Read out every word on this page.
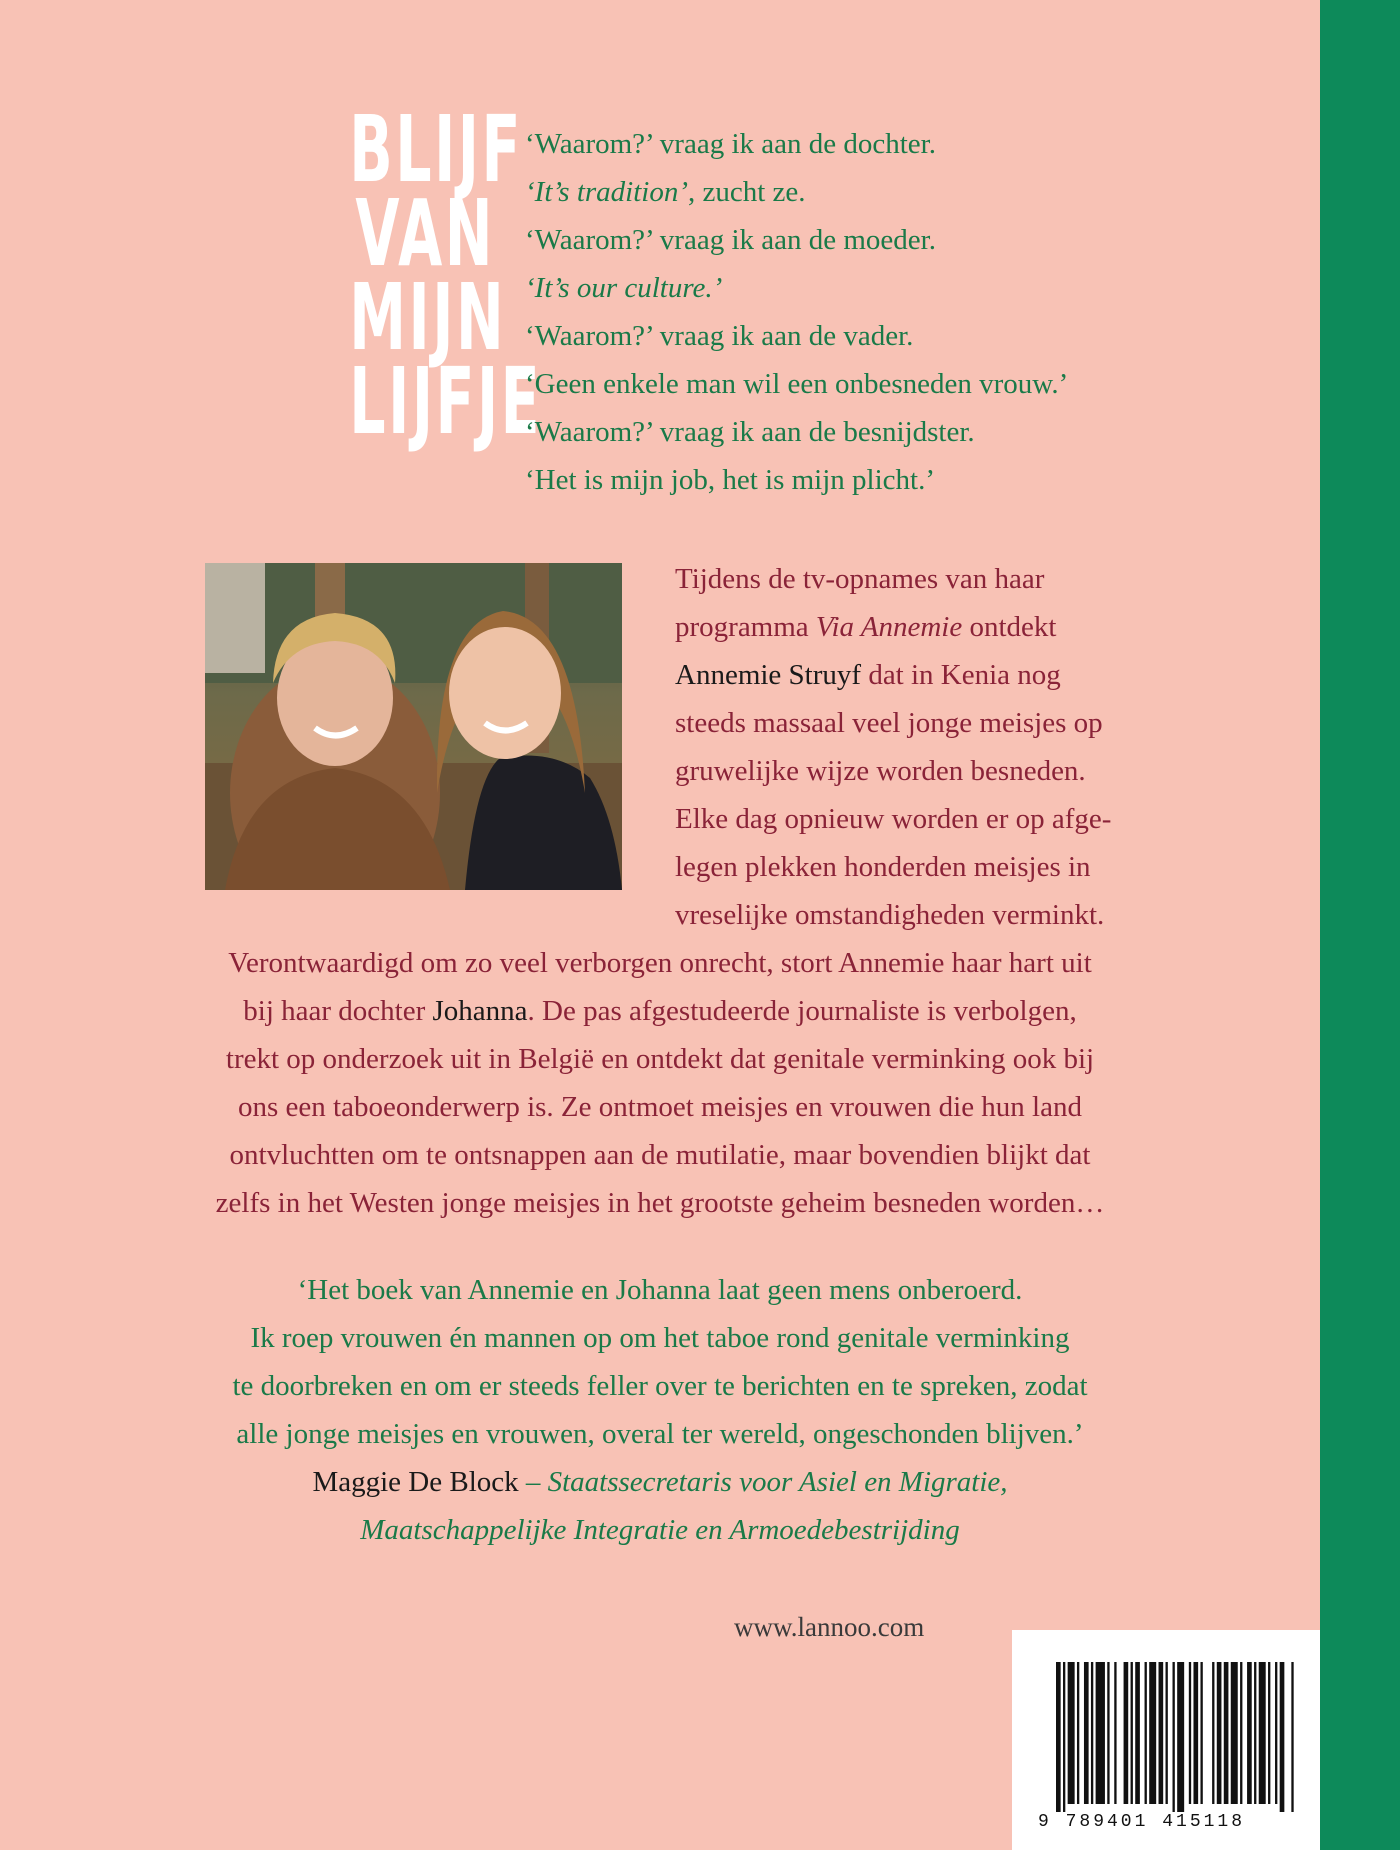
BLIJF
VAN
MIJN
LIJFJE
‘Waarom?’ vraag ik aan de dochter.
‘It’s tradition’, zucht ze.
‘Waarom?’ vraag ik aan de moeder.
‘It’s our culture.’
‘Waarom?’ vraag ik aan de vader.
‘Geen enkele man wil een onbesneden vrouw.’
‘Waarom?’ vraag ik aan de besnijdster.
‘Het is mijn job, het is mijn plicht.’
Tijdens de tv-opnames van haar
programma Via Annemie ontdekt
Annemie Struyf dat in Kenia nog
steeds massaal veel jonge meisjes op
gruwelijke wijze worden besneden.
Elke dag opnieuw worden er op afge-
legen plekken honderden meisjes in
vreselijke omstandigheden verminkt.
Verontwaardigd om zo veel verborgen onrecht, stort Annemie haar hart uit
bij haar dochter Johanna. De pas afgestudeerde journaliste is verbolgen,
trekt op onderzoek uit in België en ontdekt dat genitale verminking ook bij
ons een taboeonderwerp is. Ze ontmoet meisjes en vrouwen die hun land
ontvluchtten om te ontsnappen aan de mutilatie, maar bovendien blijkt dat
zelfs in het Westen jonge meisjes in het grootste geheim besneden worden…
‘Het boek van Annemie en Johanna laat geen mens onberoerd.
Ik roep vrouwen én mannen op om het taboe rond genitale verminking
te doorbreken en om er steeds feller over te berichten en te spreken, zodat
alle jonge meisjes en vrouwen, overal ter wereld, ongeschonden blijven.’
Maggie De Block – Staatssecretaris voor Asiel en Migratie,
Maatschappelijke Integratie en Armoedebestrijding
www.lannoo.com
9 789401 415118
